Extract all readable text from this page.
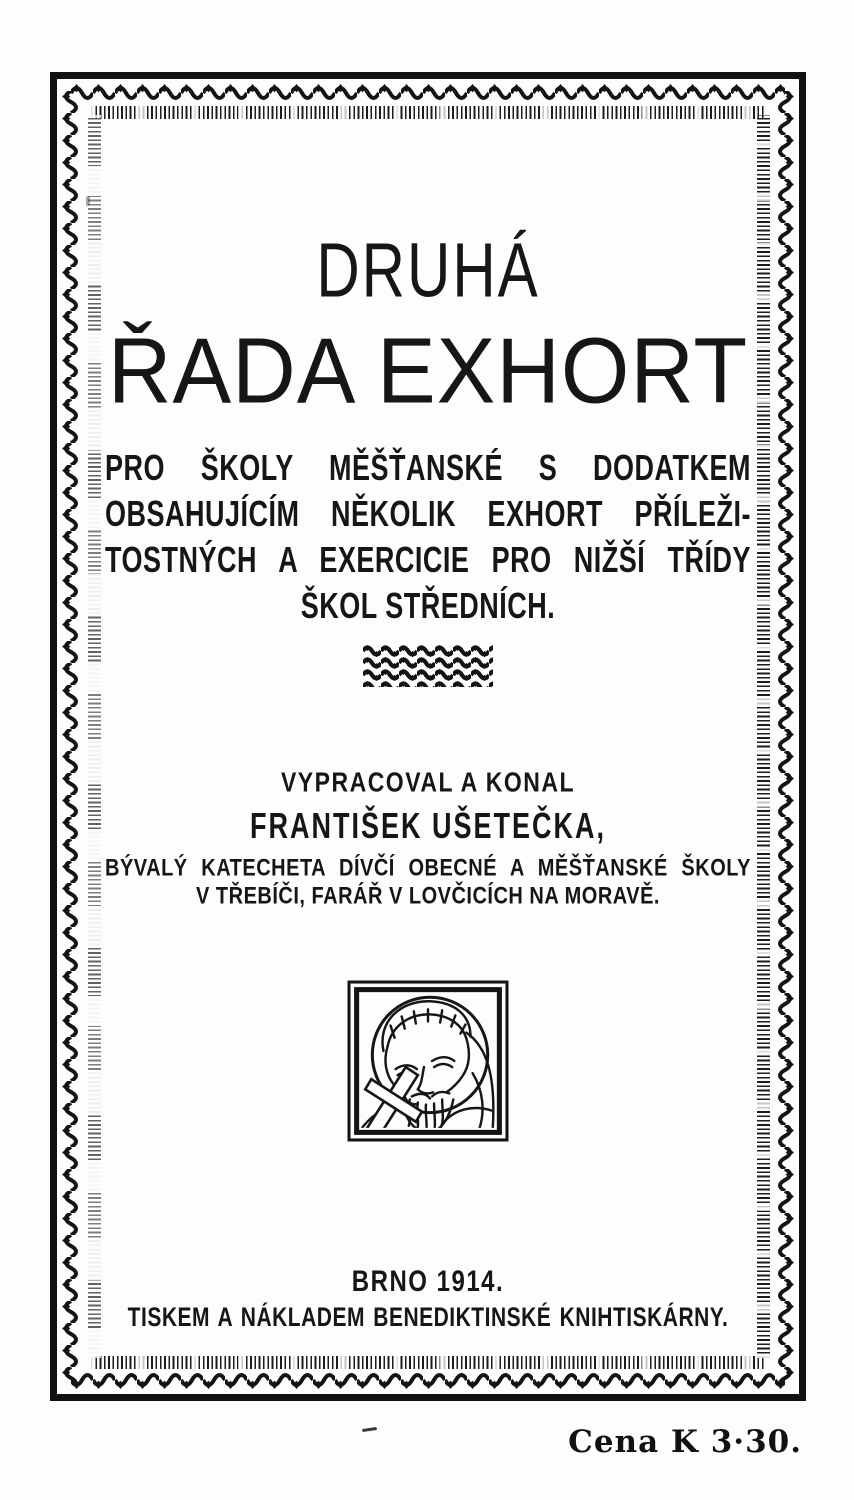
DRUHÁ
ŘADA EXHORT
PRO ŠKOLY MĚŠŤANSKÉ S DODATKEM
OBSAHUJÍCÍM NĚKOLIK EXHORT PŘÍLEŽI-
TOSTNÝCH A EXERCICIE PRO NIŽŠÍ TŘÍDY
ŠKOL STŘEDNÍCH.
VYPRACOVAL A KONAL
FRANTIŠEK UŠETEČKA,
BÝVALÝ KATECHETA DÍVČÍ OBECNÉ A MĚŠŤANSKÉ ŠKOLY
V TŘEBÍČI, FARÁŘ V LOVČICÍCH NA MORAVĚ.
BRNO 1914.
TISKEM A NÁKLADEM BENEDIKTINSKÉ KNIHTISKÁRNY.
Cena K 3·30.
